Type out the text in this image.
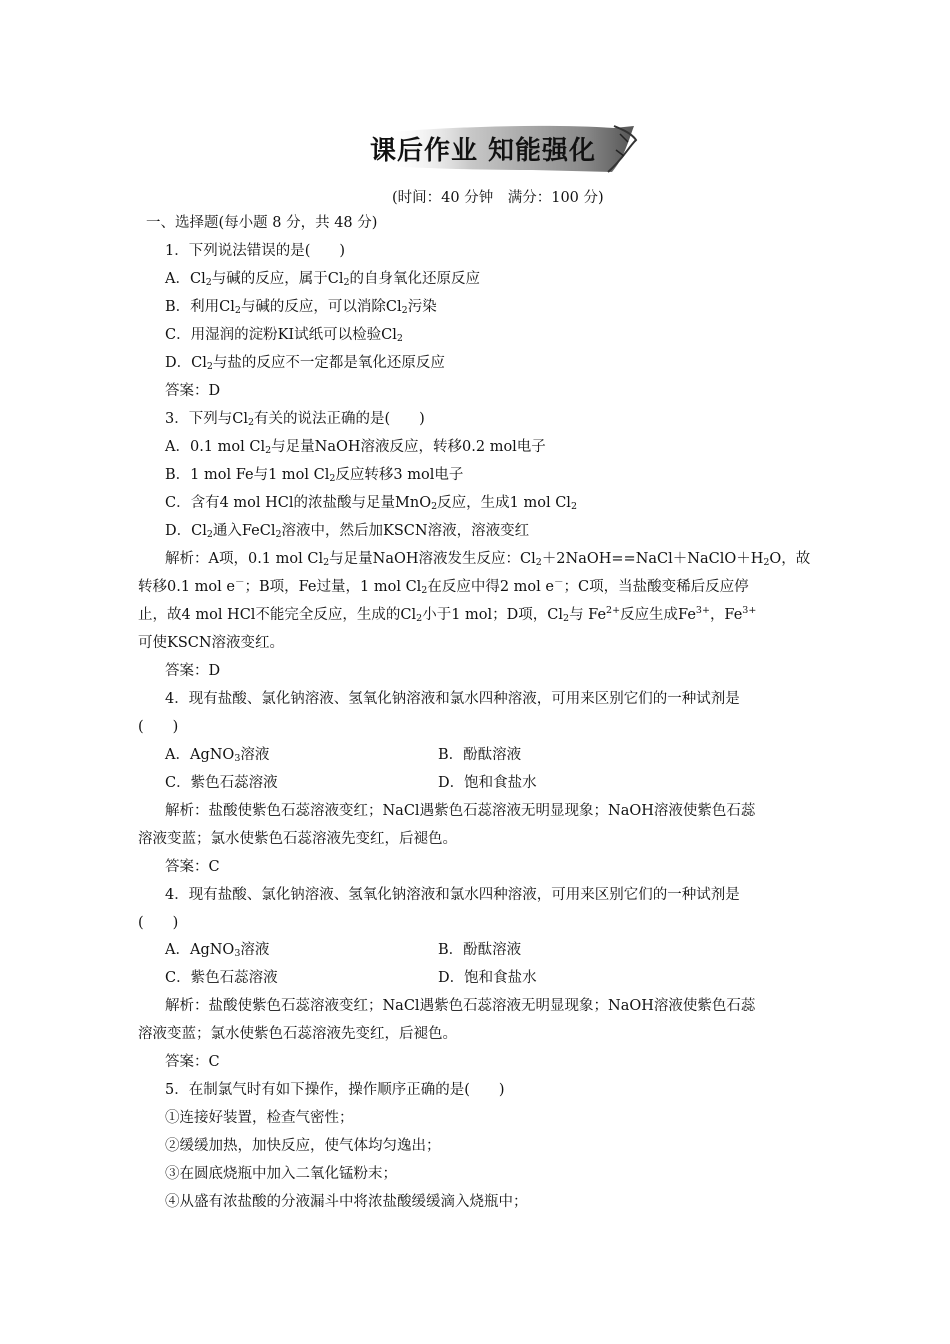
课后作业 知能强化
(时间：40 分钟　满分：100 分)
一、选择题(每小题 8 分，共 48 分)
1．下列说法错误的是(　　)
A．$Cl_2$与碱的反应，属于$Cl_2$的自身氧化还原反应
B．利用$Cl_2$与碱的反应，可以消除$Cl_2$污染
C．用湿润的淀粉KI试纸可以检验$Cl_2$
D．$Cl_2$与盐的反应不一定都是氧化还原反应
答案：D
3．下列与$Cl_2$有关的说法正确的是(　　)
A．0.1 mol $Cl_2$与足量NaOH溶液反应，转移0.2 mol电子
B．1 mol Fe与1 mol $Cl_2$反应转移3 mol电子
C．含有4 mol HCl的浓盐酸与足量MnO$_2$反应，生成1 mol $Cl_2$
D．$Cl_2$通入FeCl$_2$溶液中，然后加KSCN溶液，溶液变红
解析：A项，0.1 mol $Cl_2$与足量NaOH溶液发生反应：$Cl_2+2NaOH==NaCl+NaClO+H_2O$，故
转移0.1 mol e－；B项，Fe过量，1 mol $Cl_2$在反应中得2 mol e－；C项，当盐酸变稀后反应停
止，故4 mol HCl不能完全反应，生成的$Cl_2$小于1 mol；D项，$Cl_2$与 $Fe^{2+}$反应生成$Fe^{3+}$，$Fe^{3+}$
可使KSCN溶液变红。
答案：D
4．现有盐酸、氯化钠溶液、氢氧化钠溶液和氯水四种溶液，可用来区别它们的一种试剂是
(　　)
A．AgNO$_3$溶液	B．酚酞溶液
C．紫色石蕊溶液	D．饱和食盐水
解析：盐酸使紫色石蕊溶液变红；NaCl遇紫色石蕊溶液无明显现象；NaOH溶液使紫色石蕊
溶液变蓝；氯水使紫色石蕊溶液先变红，后褪色。
答案：C
4．现有盐酸、氯化钠溶液、氢氧化钠溶液和氯水四种溶液，可用来区别它们的一种试剂是
(　　)
A．AgNO$_3$溶液	B．酚酞溶液
C．紫色石蕊溶液	D．饱和食盐水
解析：盐酸使紫色石蕊溶液变红；NaCl遇紫色石蕊溶液无明显现象；NaOH溶液使紫色石蕊
溶液变蓝；氯水使紫色石蕊溶液先变红，后褪色。
答案：C
5．在制氯气时有如下操作，操作顺序正确的是(　　)
①连接好装置，检查气密性；
②缓缓加热，加快反应，使气体均匀逸出；
③在圆底烧瓶中加入二氧化锰粉末；
④从盛有浓盐酸的分液漏斗中将浓盐酸缓缓滴入烧瓶中；
